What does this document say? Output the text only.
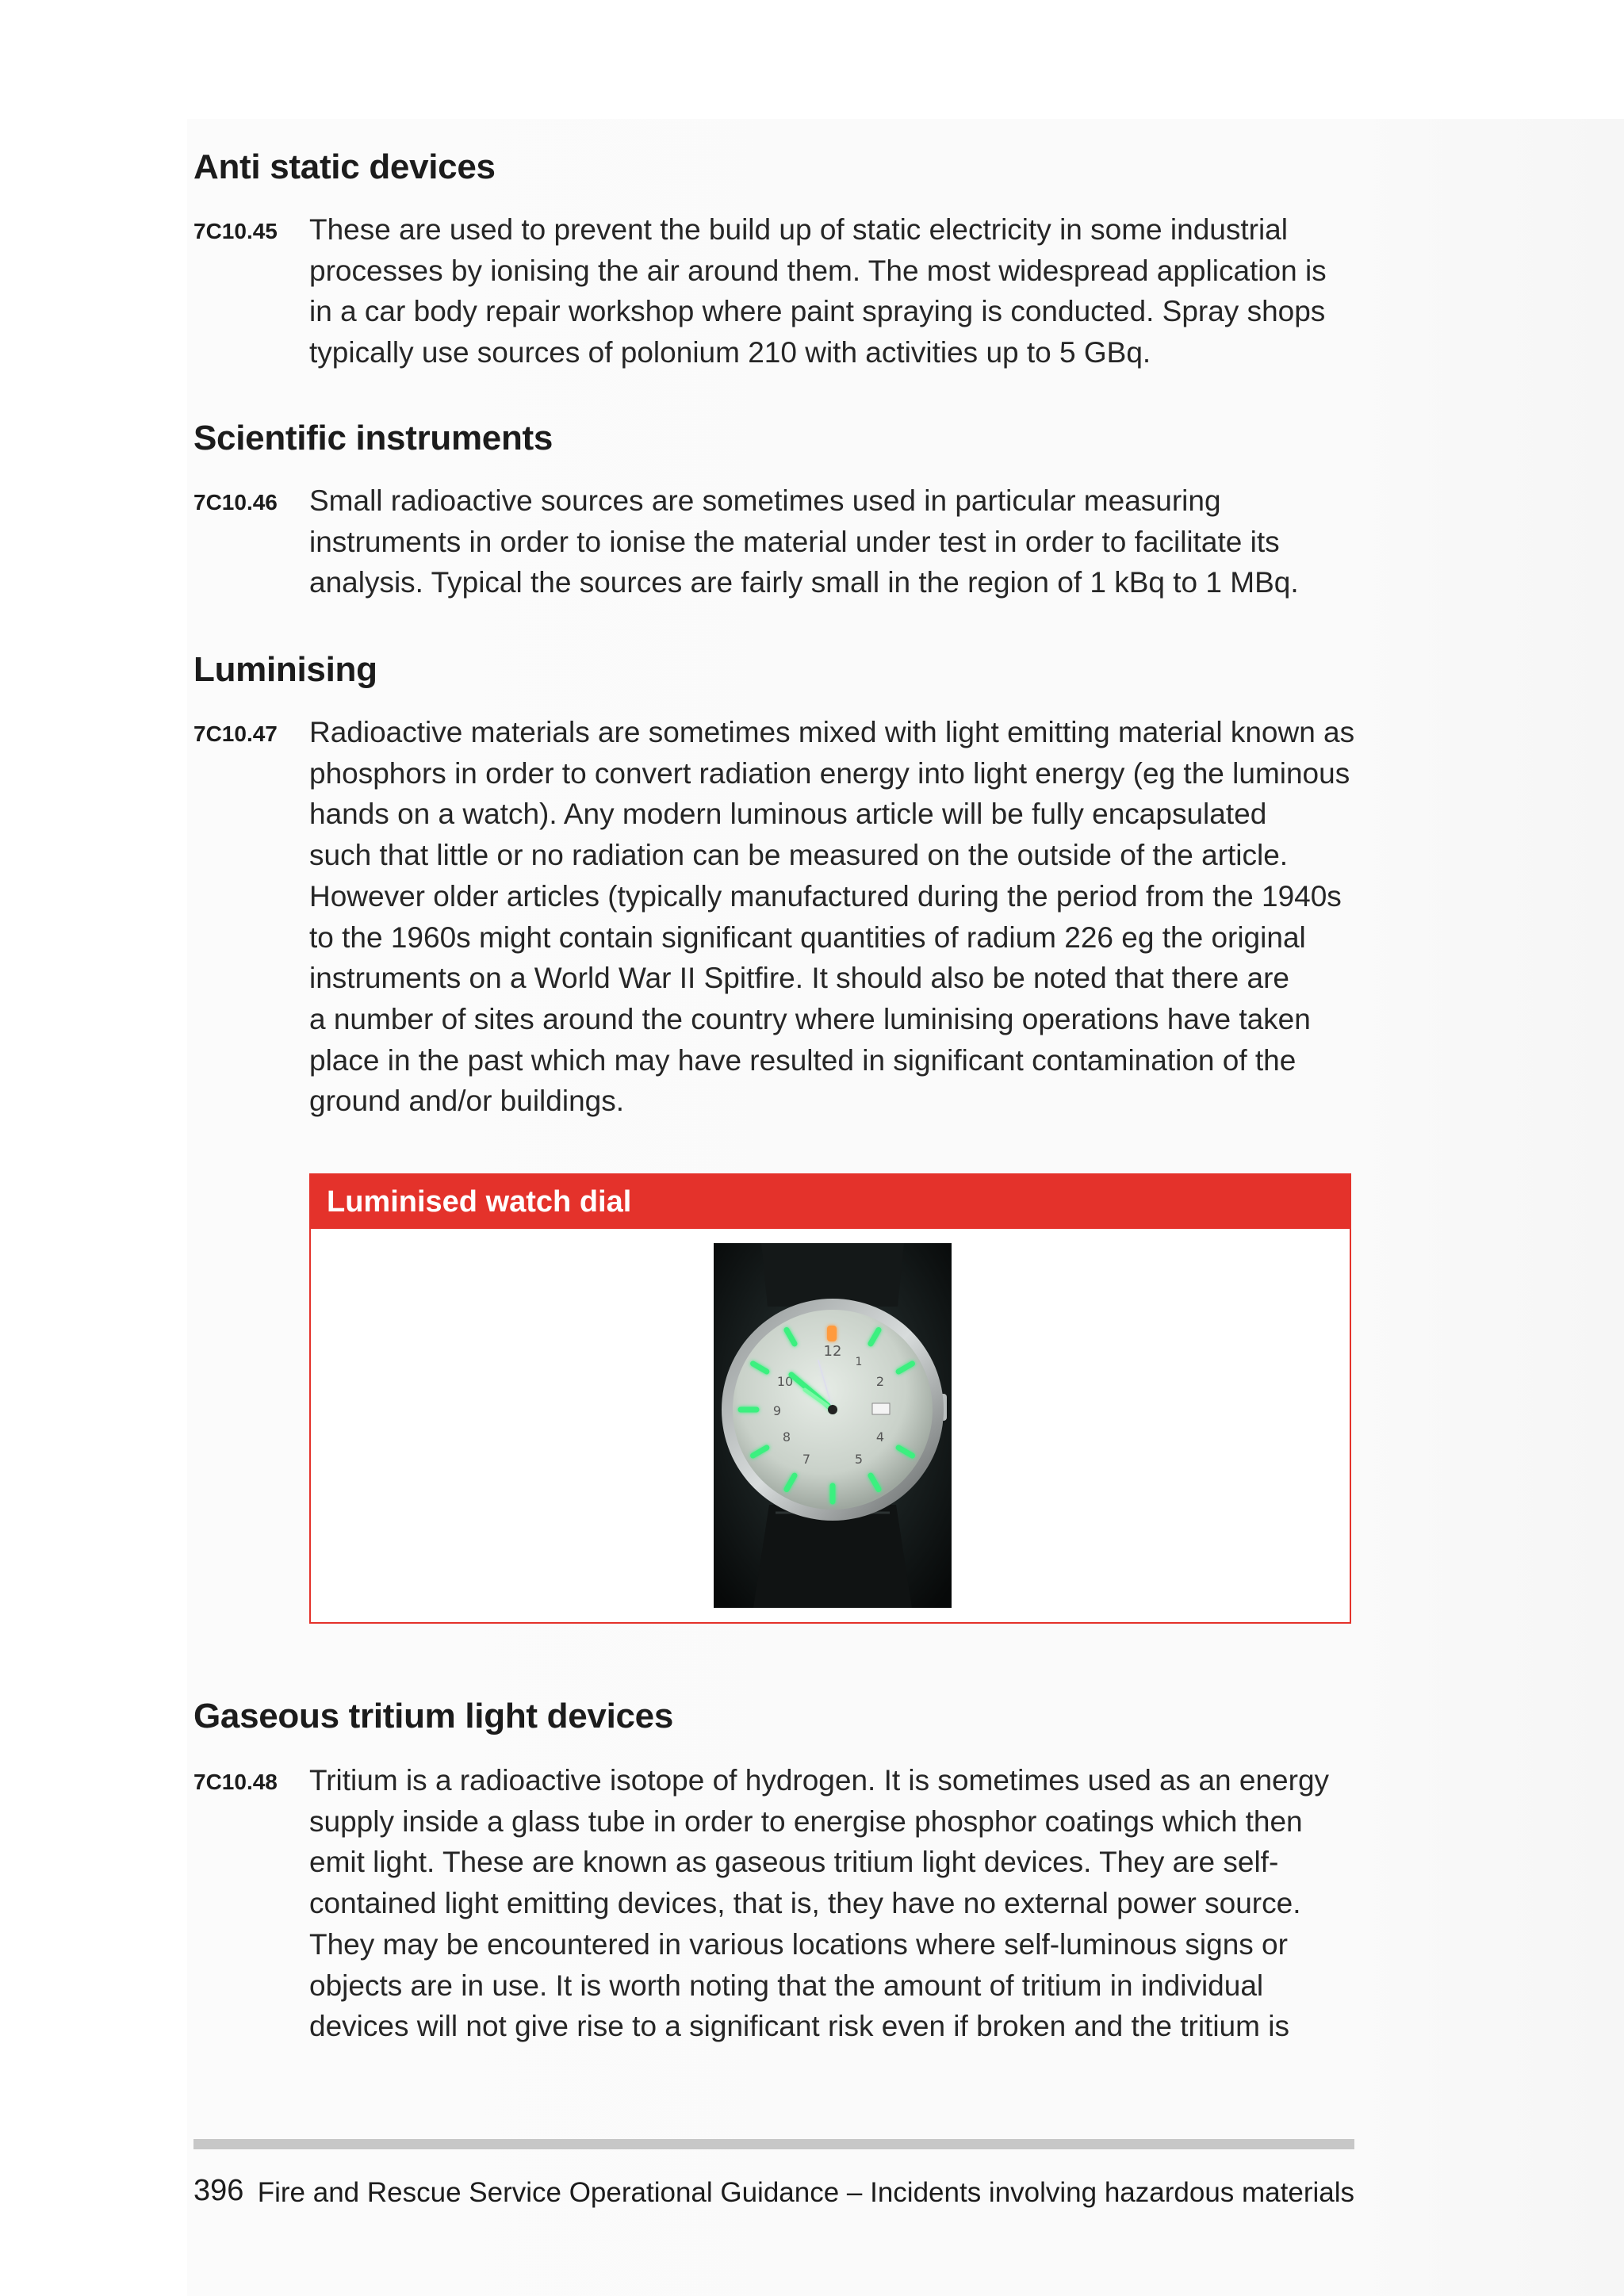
Anti static devices
7C10.45 These are used to prevent the build up of static electricity in some industrial
processes by ionising the air around them. The most widespread application is
in a car body repair workshop where paint spraying is conducted. Spray shops
typically use sources of polonium 210 with activities up to 5 GBq.

Scientific instruments
7C10.46 Small radioactive sources are sometimes used in particular measuring
instruments in order to ionise the material under test in order to facilitate its
analysis. Typical the sources are fairly small in the region of 1 kBq to 1 MBq.

Luminising
7C10.47 Radioactive materials are sometimes mixed with light emitting material known as
phosphors in order to convert radiation energy into light energy (eg the luminous
hands on a watch). Any modern luminous article will be fully encapsulated
such that little or no radiation can be measured on the outside of the article.
However older articles (typically manufactured during the period from the 1940s
to the 1960s might contain significant quantities of radium 226 eg the original
instruments on a World War II Spitfire. It should also be noted that there are
a number of sites around the country where luminising operations have taken
place in the past which may have resulted in significant contamination of the
ground and/or buildings.

Luminised watch dial
12
1
2
4
5
7
8
9
10
Gaseous tritium light devices
7C10.48 Tritium is a radioactive isotope of hydrogen. It is sometimes used as an energy
supply inside a glass tube in order to energise phosphor coatings which then
emit light. These are known as gaseous tritium light devices. They are self-
contained light emitting devices, that is, they have no external power source.
They may be encountered in various locations where self-luminous signs or
objects are in use. It is worth noting that the amount of tritium in individual
devices will not give rise to a significant risk even if broken and the tritium is

396 Fire and Rescue Service Operational Guidance – Incidents involving hazardous materials
